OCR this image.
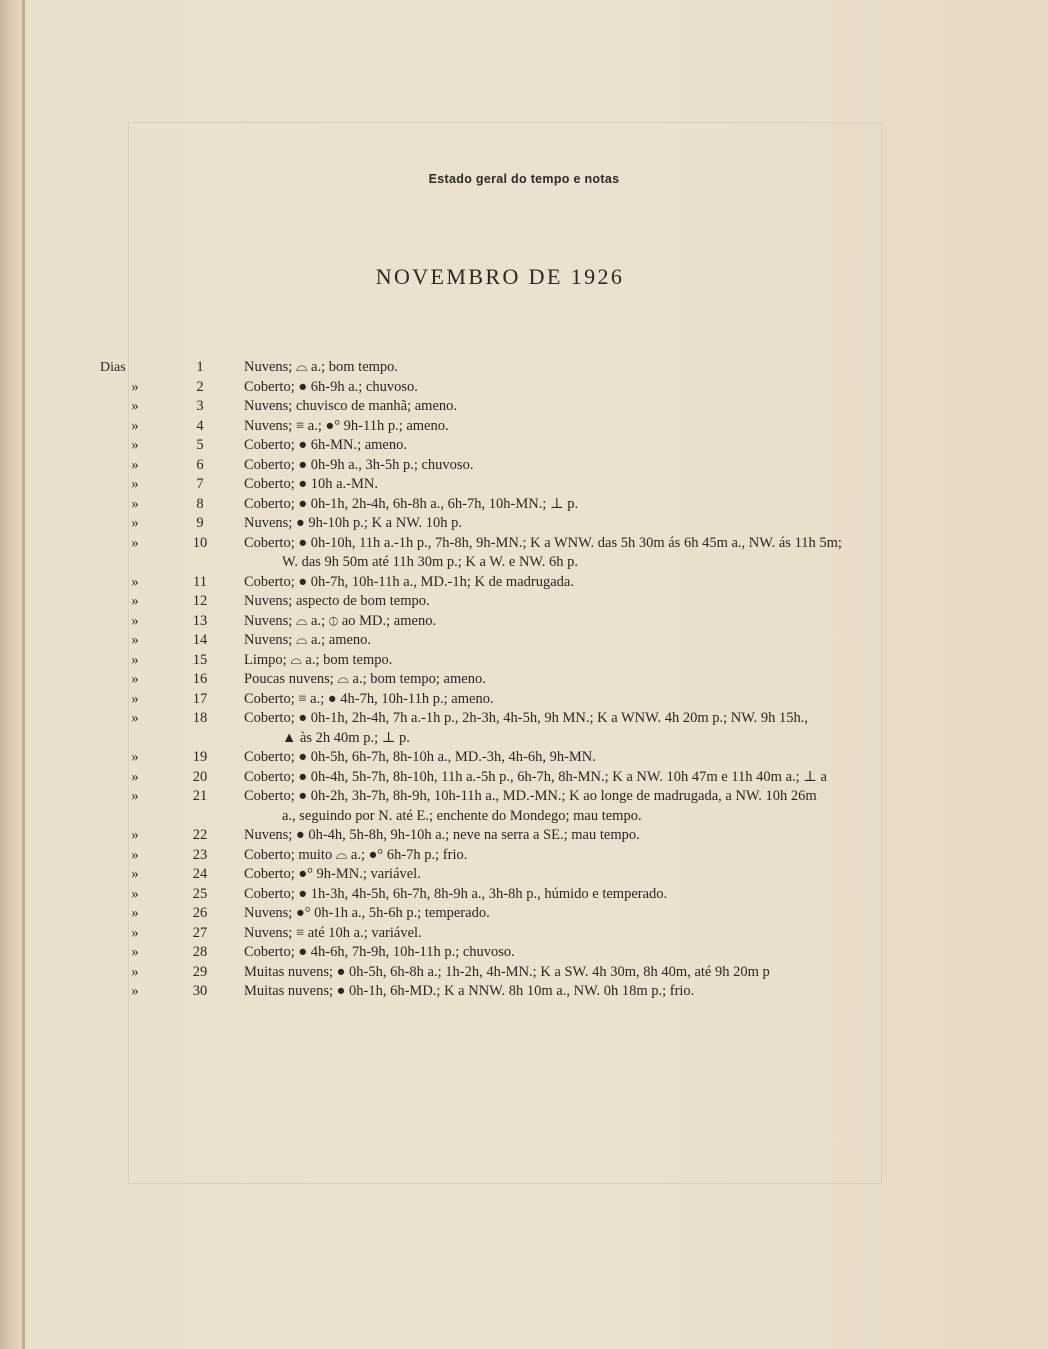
Estado geral do tempo e notas
NOVEMBRO DE 1926
Dias	1	Nuvens; ⌓ a.; bom tempo.
»	2	Coberto; ● 6h-9h a.; chuvoso.
»	3	Nuvens; chuvisco de manhã; ameno.
»	4	Nuvens; ≡ a.; ●° 9h-11h p.; ameno.
»	5	Coberto; ● 6h-MN.; ameno.
»	6	Coberto; ● 0h-9h a., 3h-5h p.; chuvoso.
»	7	Coberto; ● 10h a.-MN.
»	8	Coberto; ● 0h-1h, 2h-4h, 6h-8h a., 6h-7h, 10h-MN.; ⊥ p.
»	9	Nuvens; ● 9h-10h p.; K a NW. 10h p.
»	10	Coberto; ● 0h-10h, 11h a.-1h p., 7h-8h, 9h-MN.; K a WNW. das 5h 30m ás 6h 45m a., NW. ás 11h 5m;
W. das 9h 50m até 11h 30m p.; K a W. e NW. 6h p.
»	11	Coberto; ● 0h-7h, 10h-11h a., MD.-1h; K de madrugada.
»	12	Nuvens; aspecto de bom tempo.
»	13	Nuvens; ⌓ a.; ⦶ ao MD.; ameno.
»	14	Nuvens; ⌓ a.; ameno.
»	15	Limpo; ⌓ a.; bom tempo.
»	16	Poucas nuvens; ⌓ a.; bom tempo; ameno.
»	17	Coberto; ≡ a.; ● 4h-7h, 10h-11h p.; ameno.
»	18	Coberto; ● 0h-1h, 2h-4h, 7h a.-1h p., 2h-3h, 4h-5h, 9h MN.; K a WNW. 4h 20m p.; NW. 9h 15h.,
▲ às 2h 40m p.; ⊥ p.
»	19	Coberto; ● 0h-5h, 6h-7h, 8h-10h a., MD.-3h, 4h-6h, 9h-MN.
»	20	Coberto; ● 0h-4h, 5h-7h, 8h-10h, 11h a.-5h p., 6h-7h, 8h-MN.; K a NW. 10h 47m e 11h 40m a.; ⊥ a
»	21	Coberto; ● 0h-2h, 3h-7h, 8h-9h, 10h-11h a., MD.-MN.; K ao longe de madrugada, a NW. 10h 26m
a., seguindo por N. até E.; enchente do Mondego; mau tempo.
»	22	Nuvens; ● 0h-4h, 5h-8h, 9h-10h a.; neve na serra a SE.; mau tempo.
»	23	Coberto; muito ⌓ a.; ●° 6h-7h p.; frio.
»	24	Coberto; ●° 9h-MN.; variável.
»	25	Coberto; ● 1h-3h, 4h-5h, 6h-7h, 8h-9h a., 3h-8h p., húmido e temperado.
»	26	Nuvens; ●° 0h-1h a., 5h-6h p.; temperado.
»	27	Nuvens; ≡ até 10h a.; variável.
»	28	Coberto; ● 4h-6h, 7h-9h, 10h-11h p.; chuvoso.
»	29	Muitas nuvens; ● 0h-5h, 6h-8h a.; 1h-2h, 4h-MN.; K a SW. 4h 30m, 8h 40m, até 9h 20m p
»	30	Muitas nuvens; ● 0h-1h, 6h-MD.; K a NNW. 8h 10m a., NW. 0h 18m p.; frio.
